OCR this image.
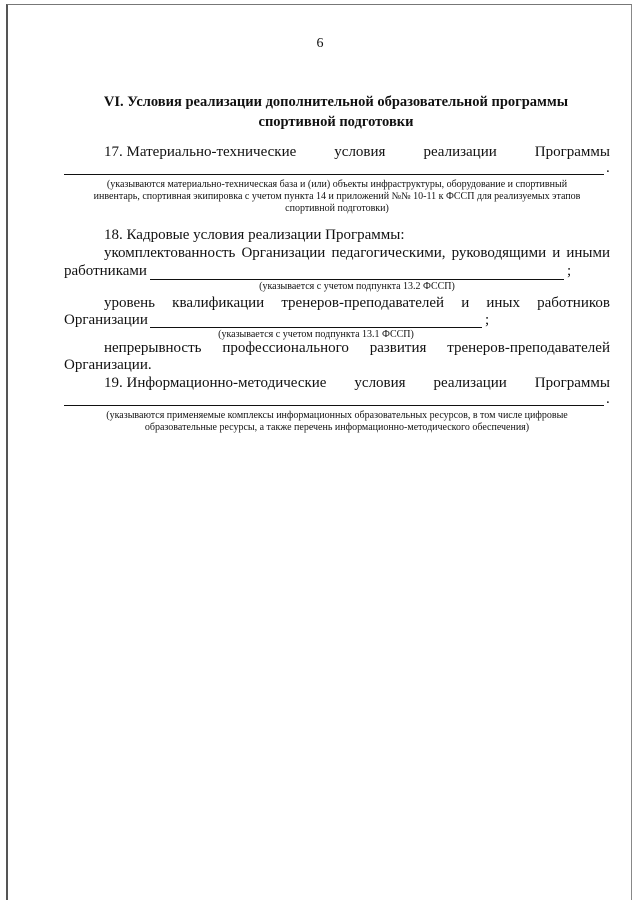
6
VI. Условия реализации дополнительной образовательной программы
спортивной подготовки
17. Материально-технические	условия	реализации	Программы
.
(указываются материально-техническая база и (или) объекты инфраструктуры, оборудование и спортивный
инвентарь, спортивная экипировка с учетом пункта 14 и приложений №№ 10-11 к ФССП для реализуемых этапов
спортивной подготовки)
18. Кадровые условия реализации Программы:
укомплектованность Организации педагогическими, руководящими и иными
работниками	;
(указывается с учетом подпункта 13.2 ФССП)
уровень квалификации тренеров-преподавателей и иных работников
Организации	;
(указывается с учетом подпункта 13.1 ФССП)
непрерывность профессионального развития тренеров-преподавателей
Организации.
19. Информационно-методические условия реализации Программы
.
(указываются применяемые комплексы информационных образовательных ресурсов, в том числе цифровые
образовательные ресурсы, а также перечень информационно-методического обеспечения)
